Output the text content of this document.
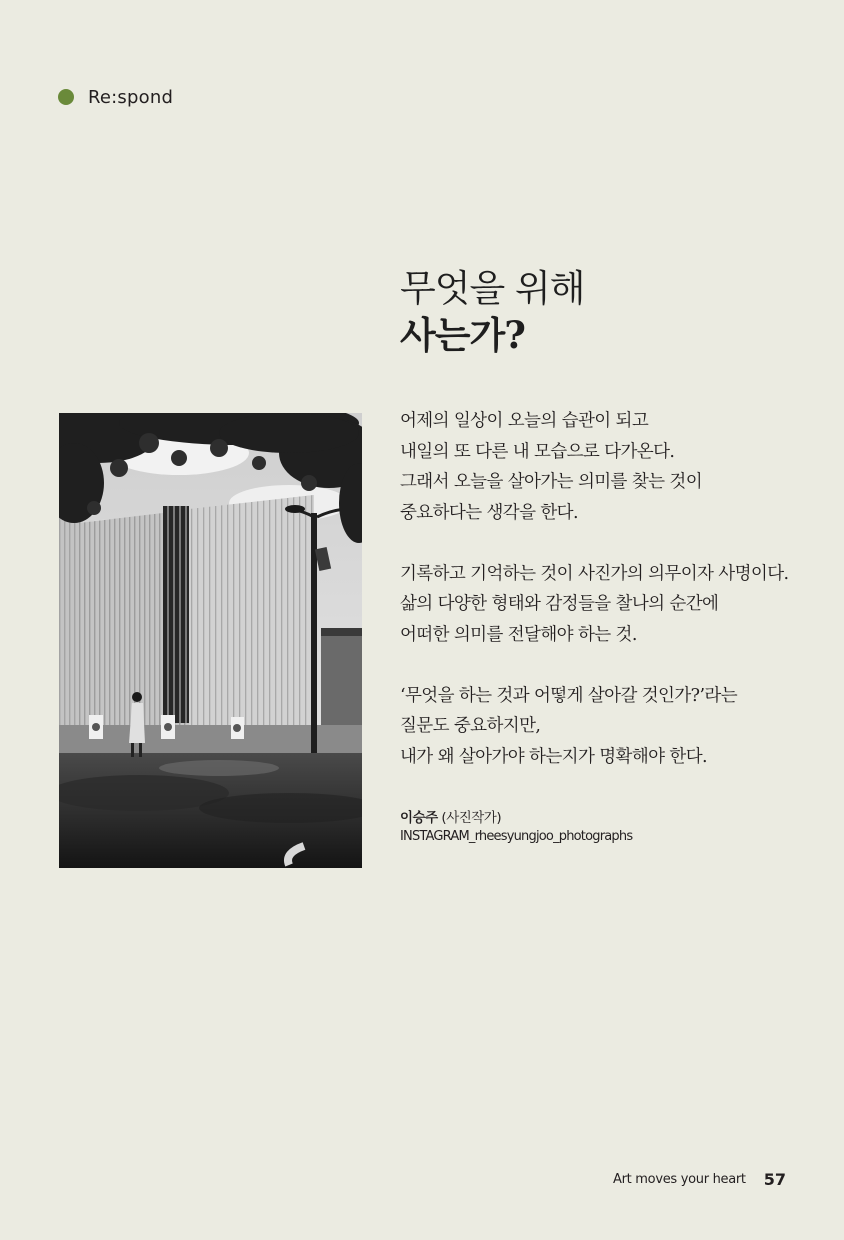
Re:spond
무엇을 위해
사는가?

어제의 일상이 오늘의 습관이 되고
내일의 또 다른 내 모습으로 다가온다.
그래서 오늘을 살아가는 의미를 찾는 것이
중요하다는 생각을 한다.

기록하고 기억하는 것이 사진가의 의무이자 사명이다.
삶의 다양한 형태와 감정들을 찰나의 순간에
어떠한 의미를 전달해야 하는 것.

‘무엇을 하는 것과 어떻게 살아갈 것인가?’라는
질문도 중요하지만,
내가 왜 살아가야 하는지가 명확해야 한다.

이승주 (사진작가)
INSTAGRAM_rheesyungjoo_photographs
Art moves your heart 57
